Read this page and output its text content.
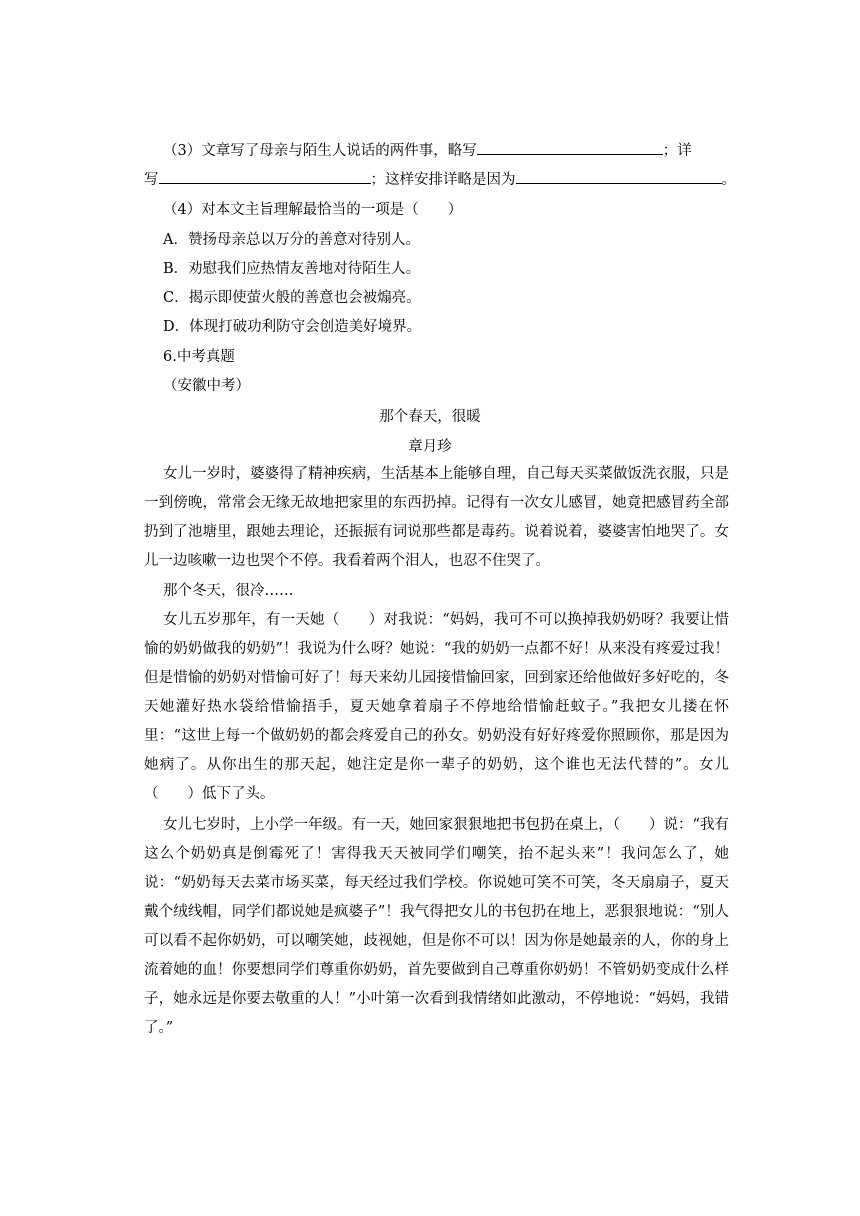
（3）文章写了母亲与陌生人说话的两件事，略写	；详
写	；这样安排详略是因为	。
（4）对本文主旨理解最恰当的一项是（　　）
A．赞扬母亲总以万分的善意对待别人。
B．劝慰我们应热情友善地对待陌生人。
C．揭示即使萤火般的善意也会被煽亮。
D．体现打破功利防守会创造美好境界。
6.中考真题
（安徽中考）
那个春天，很暖
章月珍
女儿一岁时，婆婆得了精神疾病，生活基本上能够自理，自己每天买菜做饭洗衣服，只是一到傍晚，常常会无缘无故地把家里的东西扔掉。记得有一次女儿感冒，她竟把感冒药全部扔到了池塘里，跟她去理论，还振振有词说那些都是毒药。说着说着，婆婆害怕地哭了。女儿一边咳嗽一边也哭个不停。我看着两个泪人，也忍不住哭了。
那个冬天，很冷……
女儿五岁那年，有一天她（　　）对我说：“妈妈，我可不可以换掉我奶奶呀？我要让惜愉的奶奶做我的奶奶”！我说为什么呀？她说：“我的奶奶一点都不好！从来没有疼爱过我！但是惜愉的奶奶对惜愉可好了！每天来幼儿园接惜愉回家，回到家还给他做好多好吃的，冬天她灌好热水袋给惜愉捂手，夏天她拿着扇子不停地给惜愉赶蚊子。”我把女儿搂在怀里：“这世上每一个做奶奶的都会疼爱自己的孙女。奶奶没有好好疼爱你照顾你，那是因为她病了。从你出生的那天起，她注定是你一辈子的奶奶，这个谁也无法代替的”。女儿（　　）低下了头。
女儿七岁时，上小学一年级。有一天，她回家狠狠地把书包扔在桌上，（　　）说：“我有这么个奶奶真是倒霉死了！害得我天天被同学们嘲笑，抬不起头来”！我问怎么了，她说：“奶奶每天去菜市场买菜，每天经过我们学校。你说她可笑不可笑，冬天扇扇子，夏天戴个绒线帽，同学们都说她是疯婆子”！我气得把女儿的书包扔在地上，恶狠狠地说：“别人可以看不起你奶奶，可以嘲笑她，歧视她，但是你不可以！因为你是她最亲的人，你的身上流着她的血！你要想同学们尊重你奶奶，首先要做到自己尊重你奶奶！不管奶奶变成什么样子，她永远是你要去敬重的人！”小叶第一次看到我情绪如此激动，不停地说：“妈妈，我错了。”
